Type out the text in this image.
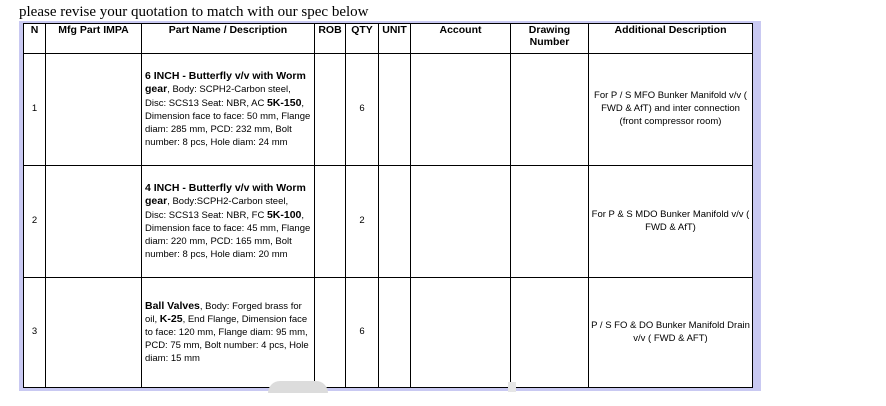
please revise your quotation to match with our spec below
N	Mfg Part IMPA	Part Name / Description	ROB	QTY	UNIT	Account	Drawing Number	Additional Description
1		6 INCH - Butterfly v/v with Worm gear, Body: SCPH2-Carbon steel, Disc: SCS13 Seat: NBR, AC 5K-150, Dimension face to face: 50 mm, Flange diam: 285 mm, PCD: 232 mm, Bolt number: 8 pcs, Hole diam: 24 mm		6				For P / S MFO Bunker Manifold v/v ( FWD & AfT) and inter connection (front compressor room)
2		4 INCH - Butterfly v/v with Worm gear, Body:SCPH2-Carbon steel, Disc: SCS13 Seat: NBR, FC 5K-100, Dimension face to face: 45 mm, Flange diam: 220 mm, PCD: 165 mm, Bolt number: 8 pcs, Hole diam: 20 mm		2				For P & S MDO Bunker Manifold v/v ( FWD & AfT)
3		Ball Valves, Body: Forged brass for oil, K-25, End Flange, Dimension face to face: 120 mm, Flange diam: 95 mm, PCD: 75 mm, Bolt number: 4 pcs, Hole diam: 15 mm		6				P / S FO & DO Bunker Manifold Drain v/v ( FWD & AFT)
